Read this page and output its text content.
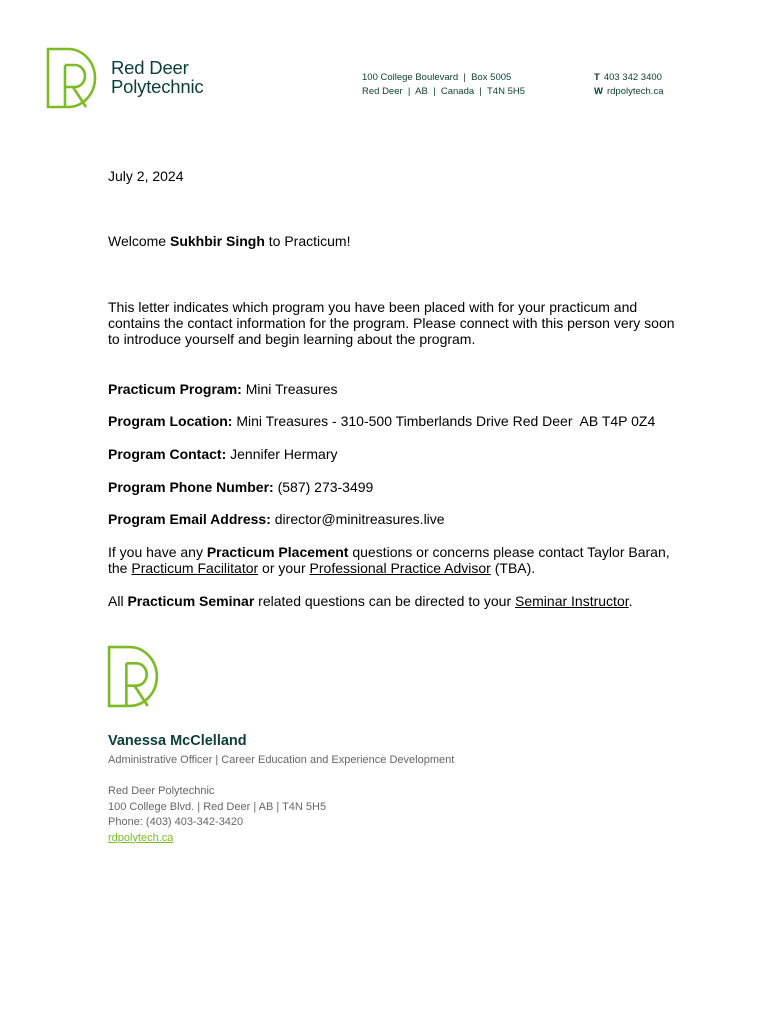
Red Deer
Polytechnic	100 College Boulevard  |  Box 5005
Red Deer  |  AB  |  Canada  |  T4N 5H5
T 403 342 3400
W rdpolytech.ca
July 2, 2024
Welcome Sukhbir Singh to Practicum!
This letter indicates which program you have been placed with for your practicum and contains the contact information for the program. Please connect with this person very soon to introduce yourself and begin learning about the program.
Practicum Program: Mini Treasures
Program Location: Mini Treasures - 310-500 Timberlands Drive Red Deer  AB T4P 0Z4
Program Contact: Jennifer Hermary
Program Phone Number: (587) 273-3499
Program Email Address: director@minitreasures.live
If you have any Practicum Placement questions or concerns please contact Taylor Baran, the Practicum Facilitator or your Professional Practice Advisor (TBA).
All Practicum Seminar related questions can be directed to your Seminar Instructor.
Vanessa McClelland
Administrative Officer | Career Education and Experience Development
Red Deer Polytechnic
100 College Blvd. | Red Deer | AB | T4N 5H5
Phone: (403) 403-342-3420
rdpolytech.ca
